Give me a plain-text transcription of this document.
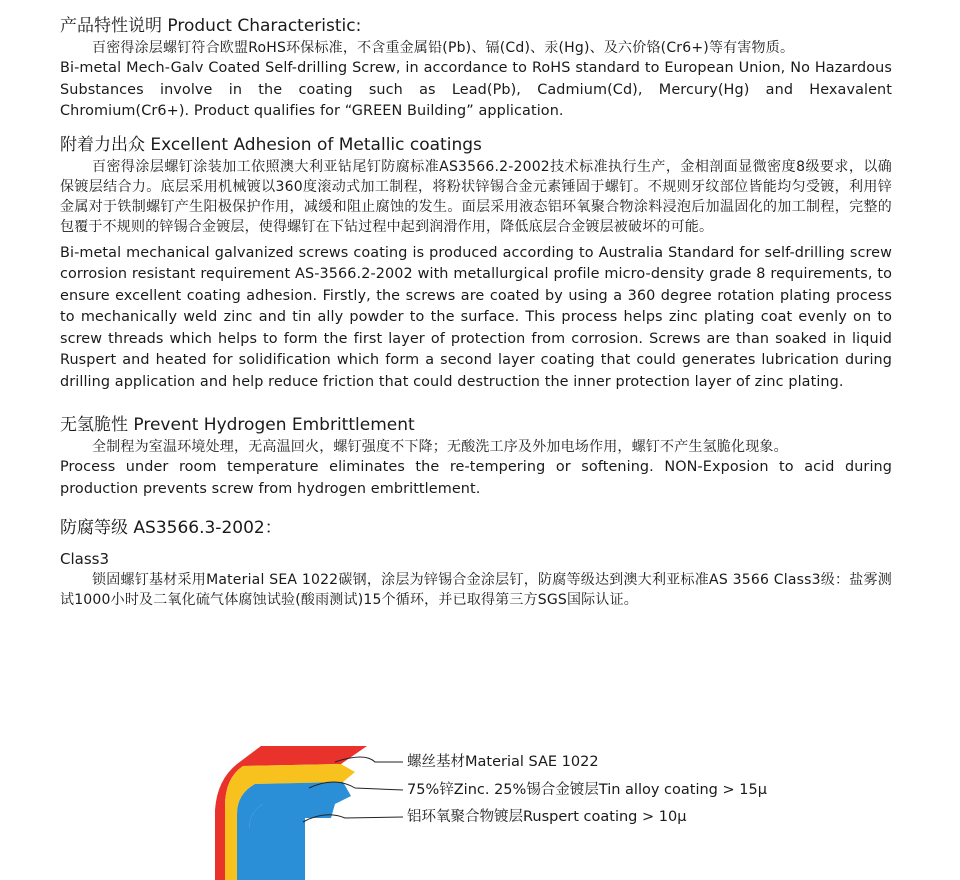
产品特性说明 Product Characteristic:

百密得涂层螺钉符合欧盟RoHS环保标准，不含重金属铅(Pb)、镉(Cd)、汞(Hg)、及六价铬(Cr6+)等有害物质。

Bi-metal Mech-Galv Coated Self-drilling Screw, in accordance to RoHS standard to European Union, No Hazardous Substances involve in the coating such as Lead(Pb), Cadmium(Cd), Mercury(Hg) and Hexavalent Chromium(Cr6+). Product qualifies for “GREEN Building” application.

附着力出众 Excellent Adhesion of Metallic coatings

百密得涂层螺钉涂装加工依照澳大利亚钻尾钉防腐标准AS3566.2-2002技术标准执行生产，金相剖面显微密度8级要求，以确保镀层结合力。底层采用机械镀以360度滚动式加工制程，将粉状锌锡合金元素锤固于螺钉。不规则牙纹部位皆能均匀受镀，利用锌金属对于铁制螺钉产生阳极保护作用，减缓和阻止腐蚀的发生。面层采用液态铝环氧聚合物涂料浸泡后加温固化的加工制程，完整的包覆于不规则的锌锡合金镀层，使得螺钉在下钻过程中起到润滑作用，降低底层合金镀层被破坏的可能。

Bi-metal mechanical galvanized screws coating is produced according to Australia Standard for self-drilling screw corrosion resistant requirement AS-3566.2-2002 with metallurgical profile micro-density grade 8 requirements, to ensure excellent coating adhesion. Firstly, the screws are coated by using a 360 degree rotation plating process to mechanically weld zinc and tin ally powder to the surface. This process helps zinc plating coat evenly on to screw threads which helps to form the first layer of protection from corrosion. Screws are than soaked in liquid Ruspert and heated for solidification which form a second layer coating that could generates lubrication during drilling application and help reduce friction that could destruction the inner protection layer of zinc plating.

无氢脆性 Prevent Hydrogen Embrittlement

全制程为室温环境处理，无高温回火，螺钉强度不下降；无酸洗工序及外加电场作用，螺钉不产生氢脆化现象。

Process under room temperature eliminates the re-tempering or softening. NON-Exposion to acid during production prevents screw from hydrogen embrittlement.

防腐等级 AS3566.3-2002：

Class3

锁固螺钉基材采用Material SEA 1022碳钢，涂层为锌锡合金涂层钉，防腐等级达到澳大利亚标准AS 3566 Class3级：盐雾测试1000小时及二氧化硫气体腐蚀试验(酸雨测试)15个循环，并已取得第三方SGS国际认证。

螺丝基材Material SAE 1022
75%锌Zinc. 25%锡合金镀层Tin alloy coating > 15μ
铝环氧聚合物镀层Ruspert coating > 10μ
